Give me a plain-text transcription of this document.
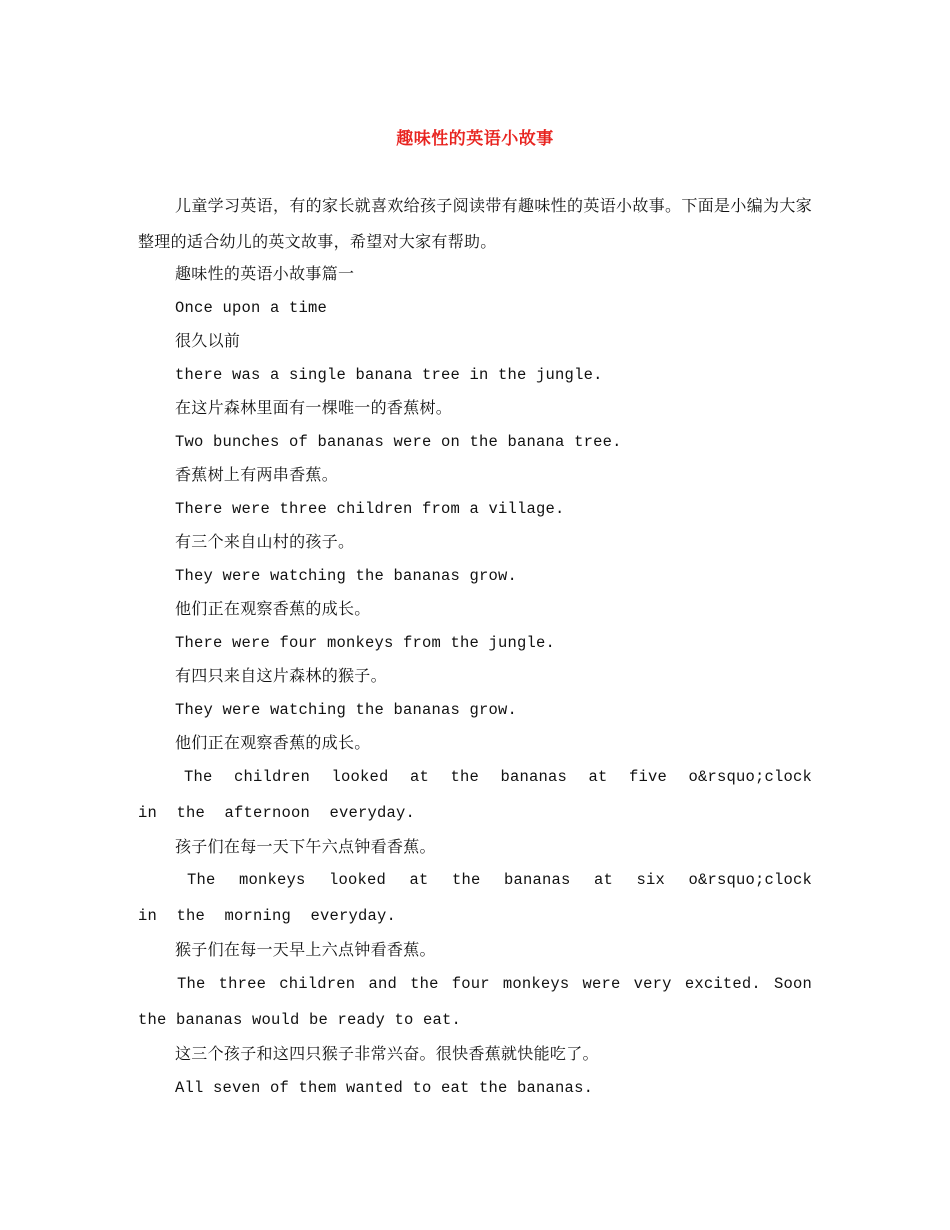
趣味性的英语小故事

儿童学习英语，有的家长就喜欢给孩子阅读带有趣味性的英语小故事。下面是小编为大家整理的适合幼儿的英文故事，希望对大家有帮助。

趣味性的英语小故事篇一

Once upon a time

很久以前

there was a single banana tree in the jungle.

在这片森林里面有一棵唯一的香蕉树。

Two bunches of bananas were on the banana tree.

香蕉树上有两串香蕉。

There were three children from a village.

有三个来自山村的孩子。

They were watching the bananas grow.

他们正在观察香蕉的成长。

There were four monkeys from the jungle.

有四只来自这片森林的猴子。

They were watching the bananas grow.

他们正在观察香蕉的成长。

The children looked at the bananas at five o&rsquo;clock in the afternoon everyday.

孩子们在每一天下午六点钟看香蕉。

The monkeys looked at the bananas at six o&rsquo;clock in the morning everyday.

猴子们在每一天早上六点钟看香蕉。

The three children and the four monkeys were very excited. Soon the bananas would be ready to eat.

这三个孩子和这四只猴子非常兴奋。很快香蕉就快能吃了。

All seven of them wanted to eat the bananas.
